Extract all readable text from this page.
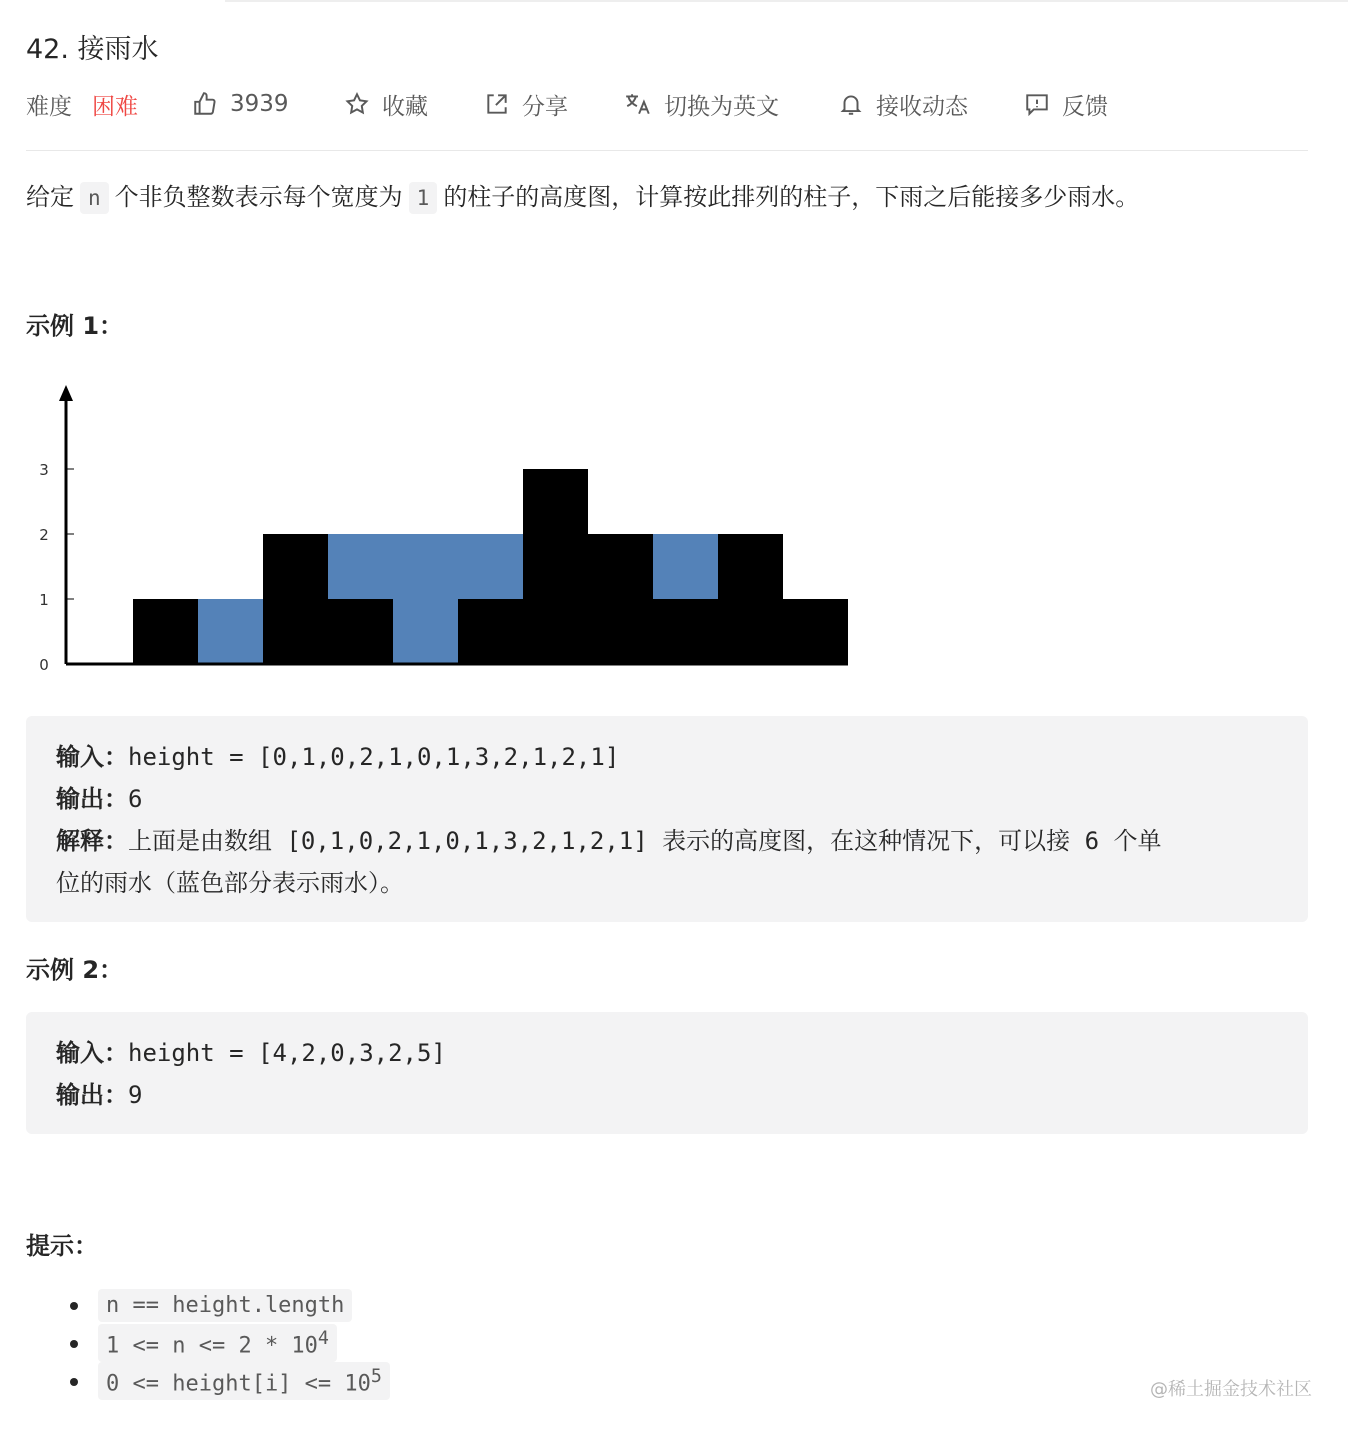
42. 接雨水
难度 困难	3939	收藏	分享	切换为英文	接收动态	反馈
给定 n 个非负整数表示每个宽度为 1 的柱子的高度图，计算按此排列的柱子，下雨之后能接多少雨水。
示例 1：
0
1
2
3
输入：height = [0,1,0,2,1,0,1,3,2,1,2,1]
输出：6
解释：上面是由数组 [0,1,0,2,1,0,1,3,2,1,2,1] 表示的高度图，在这种情况下，可以接 6 个单
位的雨水（蓝色部分表示雨水）。
示例 2：
输入：height = [4,2,0,3,2,5]
输出：9
提示：
n == height.length
$1 <= n <= 2 * 10^4$
0 <= height[i] <= $10^5$
@稀土掘金技术社区
